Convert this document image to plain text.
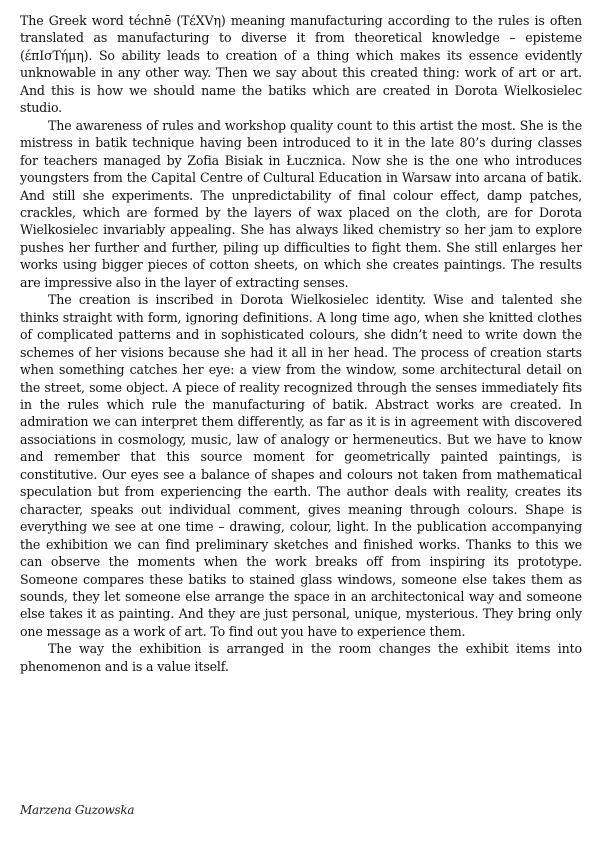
The Greek word téchnē (TέXVη) meaning manufacturing according to the rules is often translated as manufacturing to diverse it from theoretical knowledge – episteme (έπIσTήμη). So ability leads to creation of a thing which makes its essence evidently unknowable in any other way. Then we say about this created thing: work of art or art. And this is how we should name the batiks which are created in Dorota Wielkosielec studio.

The awareness of rules and workshop quality count to this artist the most. She is the mistress in batik technique having been introduced to it in the late 80’s during classes for teachers managed by Zofia Bisiak in Łucznica. Now she is the one who introduces youngsters from the Capital Centre of Cultural Education in Warsaw into arcana of batik. And still she experiments. The unpredictability of final colour effect, damp patches, crackles, which are formed by the layers of wax placed on the cloth, are for Dorota Wielkosielec invariably appealing. She has always liked chemistry so her jam to explore pushes her further and further, piling up difficulties to fight them. She still enlarges her works using bigger pieces of cotton sheets, on which she creates paintings. The results are impressive also in the layer of extracting senses.

The creation is inscribed in Dorota Wielkosielec identity. Wise and talented she thinks straight with form, ignoring definitions. A long time ago, when she knitted clothes of complicated patterns and in sophisticated colours, she didn’t need to write down the schemes of her visions because she had it all in her head. The process of creation starts when something catches her eye: a view from the window, some architectural detail on the street, some object. A piece of reality recognized through the senses immediately fits in the rules which rule the manufacturing of batik. Abstract works are created. In admiration we can interpret them differently, as far as it is in agreement with discovered associations in cosmology, music, law of analogy or hermeneutics. But we have to know and remember that this source moment for geometrically painted paintings, is constitutive. Our eyes see a balance of shapes and colours not taken from mathematical speculation but from experiencing the earth. The author deals with reality, creates its character, speaks out individual comment, gives meaning through colours. Shape is everything we see at one time – drawing, colour, light. In the publication accompanying the exhibition we can find preliminary sketches and finished works. Thanks to this we can observe the moments when the work breaks off from inspiring its prototype. Someone compares these batiks to stained glass windows, someone else takes them as sounds, they let someone else arrange the space in an architectonical way and someone else takes it as painting. And they are just personal, unique, mysterious. They bring only one message as a work of art. To find out you have to experience them.

The way the exhibition is arranged in the room changes the exhibit items into phenomenon and is a value itself.

Marzena Guzowska
